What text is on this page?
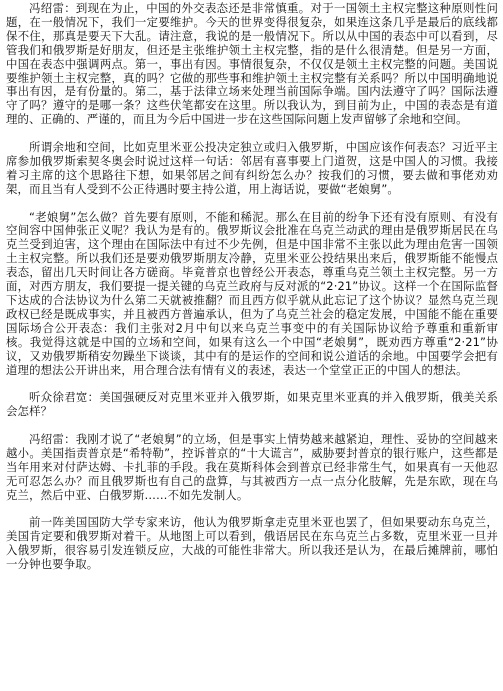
冯绍雷：到现在为止，中国的外交表态还是非常慎重。对于一国领土主权完整这种原则性问题，在一般情况下，我们一定要维护。今天的世界变得很复杂，如果连这条几乎是最后的底线都保不住，那真是要天下大乱。请注意，我说的是一般情况下。所以从中国的表态中可以看到，尽管我们和俄罗斯是好朋友，但还是主张维护领土主权完整，指的是什么很清楚。但是另一方面，中国在表态中强调两点。第一，事出有因。事情很复杂，不仅仅是领土主权完整的问题。美国说要维护领土主权完整，真的吗？它做的那些事和维护领土主权完整有关系吗？所以中国明确地说事出有因，是有份量的。第二，基于法律立场来处理当前国际争端。国内法遵守了吗？国际法遵守了吗？遵守的是哪一条？这些伏笔都安在这里。所以我认为，到目前为止，中国的表态是有道理的、正确的、严谨的，而且为今后中国进一步在这些国际问题上发声留够了余地和空间。

所谓余地和空间，比如克里米亚公投决定独立或归入俄罗斯，中国应该作何表态？习近平主席参加俄罗斯索契冬奥会时说过这样一句话：邻居有喜事要上门道贺，这是中国人的习惯。我接着习主席的这个思路往下想，如果邻居之间有纠纷怎么办？按我们的习惯，要去做和事佬劝劝架，而且当有人受到不公正待遇时要主持公道，用上海话说，要做“老娘舅”。

“老娘舅”怎么做？首先要有原则，不能和稀泥。那么在目前的纷争下还有没有原则、有没有空间容中国伸张正义呢？我认为是有的。俄罗斯议会批准在乌克兰动武的理由是俄罗斯居民在乌克兰受到迫害，这个理由在国际法中有过不少先例，但是中国非常不主张以此为理由危害一国领土主权完整。所以我们还是要劝俄罗斯朋友冷静，克里米亚公投结果出来后，俄罗斯能不能慢点表态，留出几天时间让各方磋商。毕竟普京也曾经公开表态，尊重乌克兰领土主权完整。另一方面，对西方朋友，我们要提一提关键的乌克兰政府与反对派的“2·21”协议。这样一个在国际监督下达成的合法协议为什么第二天就被推翻？而且西方似乎就从此忘记了这个协议？显然乌克兰现政权已经是既成事实，并且被西方普遍承认，但为了乌克兰社会的稳定发展，中国能不能在重要国际场合公开表态：我们主张对2月中旬以来乌克兰事变中的有关国际协议给予尊重和重新审核。我觉得这就是中国的立场和空间，如果有这么一个中国“老娘舅”，既劝西方尊重“2·21”协议，又劝俄罗斯稍安勿躁坐下谈谈，其中有的是运作的空间和说公道话的余地。中国要学会把有道理的想法公开讲出来，用合理合法有情有义的表述，表达一个堂堂正正的中国人的想法。

听众徐君宽：美国强硬反对克里米亚并入俄罗斯，如果克里米亚真的并入俄罗斯，俄美关系会怎样？

冯绍雷：我刚才说了“老娘舅”的立场，但是事实上情势越来越紧迫，理性、妥协的空间越来越小。美国指责普京是“希特勒”，控诉普京的“十大谎言”，威胁要封普京的银行账户，这些都是当年用来对付萨达姆、卡扎菲的手段。我在莫斯科体会到普京已经非常生气，如果真有一天他忍无可忍怎么办？而且俄罗斯也有自己的盘算，与其被西方一点一点分化肢解，先是东欧，现在乌克兰，然后中亚、白俄罗斯……不如先发制人。

前一阵美国国防大学专家来访，他认为俄罗斯拿走克里米亚也罢了，但如果要动东乌克兰，美国肯定要和俄罗斯对着干。从地图上可以看到，俄语居民在东乌克兰占多数，克里米亚一旦并入俄罗斯，很容易引发连锁反应，大战的可能性非常大。所以我还是认为，在最后摊牌前，哪怕一分钟也要争取。
